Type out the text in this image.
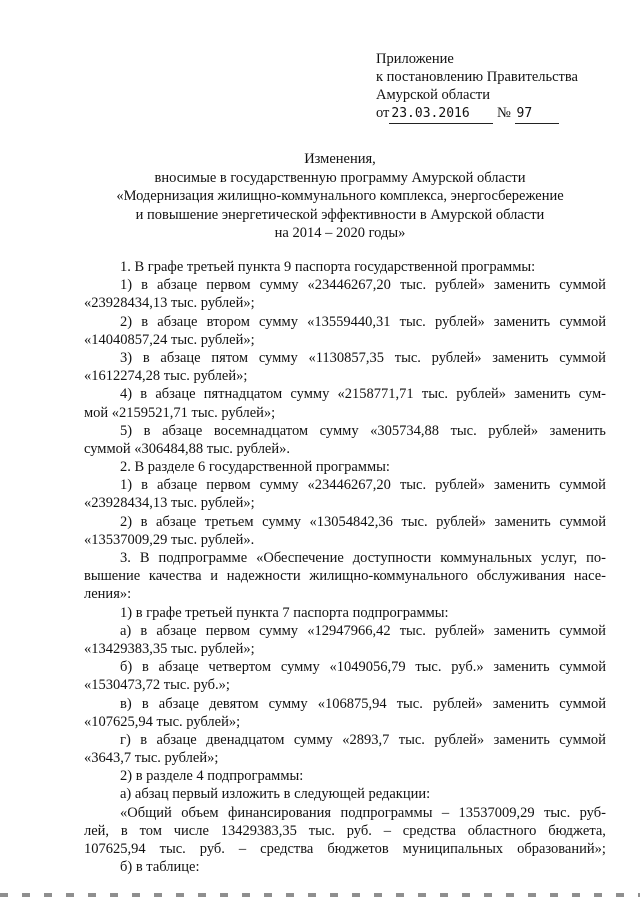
Приложение
к постановлению Правительства
Амурской области
от 23.03.2016 № 97
Изменения,
вносимые в государственную программу Амурской области
«Модернизация жилищно-коммунального комплекса, энергосбережение
и повышение энергетической эффективности в Амурской области
на 2014 – 2020 годы»
1. В графе третьей пункта 9 паспорта государственной программы:
1) в абзаце первом сумму «23446267,20 тыс. рублей» заменить суммой
«23928434,13 тыс. рублей»;
2) в абзаце втором сумму «13559440,31 тыс. рублей» заменить суммой
«14040857,24 тыс. рублей»;
3) в абзаце пятом сумму «1130857,35 тыс. рублей» заменить суммой
«1612274,28 тыс. рублей»;
4) в абзаце пятнадцатом сумму «2158771,71 тыс. рублей» заменить сум-
мой «2159521,71 тыс. рублей»;
5) в абзаце восемнадцатом сумму «305734,88 тыс. рублей» заменить
суммой «306484,88 тыс. рублей».
2. В разделе 6 государственной программы:
1) в абзаце первом сумму «23446267,20 тыс. рублей» заменить суммой
«23928434,13 тыс. рублей»;
2) в абзаце третьем сумму «13054842,36 тыс. рублей» заменить суммой
«13537009,29 тыс. рублей».
3. В подпрограмме «Обеспечение доступности коммунальных услуг, по-
вышение качества и надежности жилищно-коммунального обслуживания насе-
ления»:
1) в графе третьей пункта 7 паспорта подпрограммы:
а) в абзаце первом сумму «12947966,42 тыс. рублей» заменить суммой
«13429383,35 тыс. рублей»;
б) в абзаце четвертом сумму «1049056,79 тыс. руб.» заменить суммой
«1530473,72 тыс. руб.»;
в) в абзаце девятом сумму «106875,94 тыс. рублей» заменить суммой
«107625,94 тыс. рублей»;
г) в абзаце двенадцатом сумму «2893,7 тыс. рублей» заменить суммой
«3643,7 тыс. рублей»;
2) в разделе 4 подпрограммы:
а) абзац первый изложить в следующей редакции:
«Общий объем финансирования подпрограммы – 13537009,29 тыс. руб-
лей, в том числе 13429383,35 тыс. руб. – средства областного бюджета,
107625,94 тыс. руб. – средства бюджетов муниципальных образований»;
б) в таблице:
